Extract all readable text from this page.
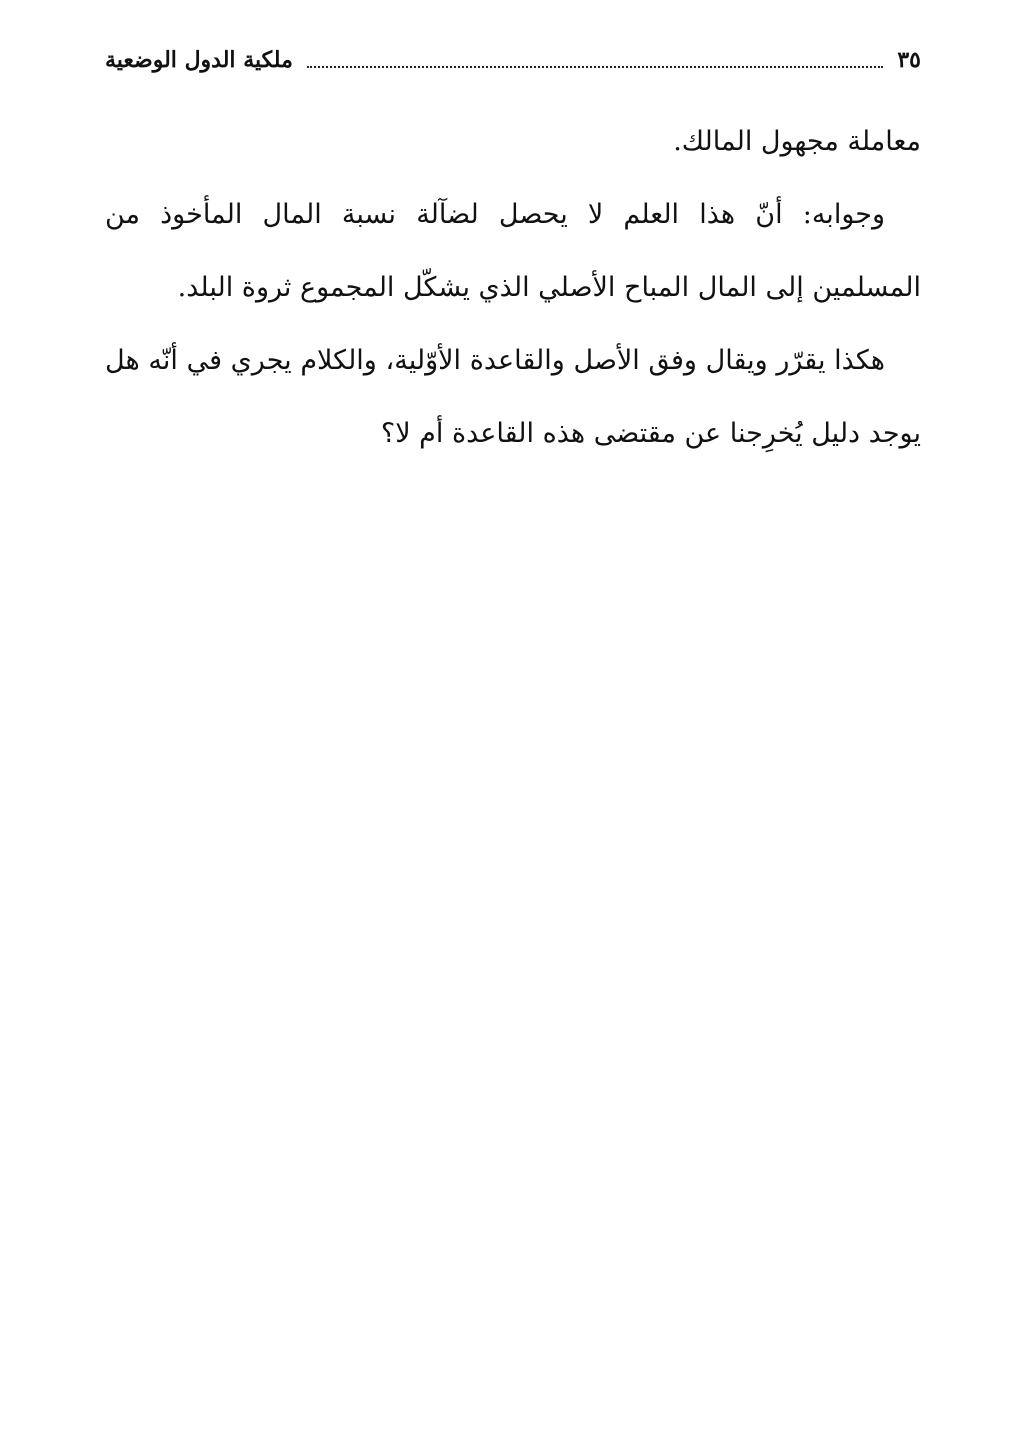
٣٥
ملكية الدول الوضعية

معاملة مجهول المالك.

وجوابه: أنّ هذا العلم لا يحصل لضآلة نسبة المال المأخوذ من المسلمين إلى المال المباح الأصلي الذي يشكّل المجموع ثروة البلد.

هكذا يقرّر ويقال وفق الأصل والقاعدة الأوّلية، والكلام يجري في أنّه هل يوجد دليل يُخرِجنا عن مقتضى هذه القاعدة أم لا؟
